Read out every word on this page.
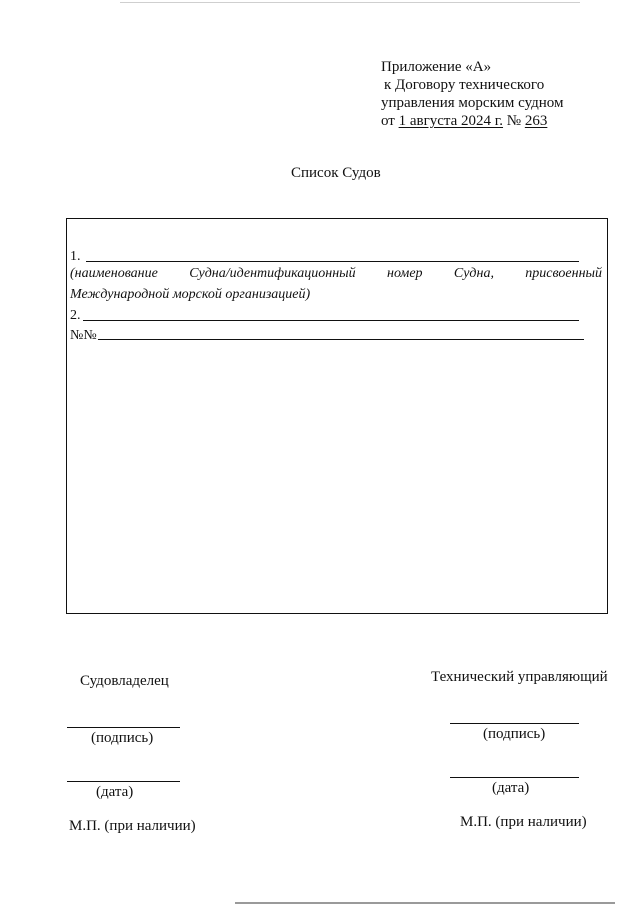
Приложение «А»
к Договору технического
управления морским судном
от 1 августа 2024 г. № 263
Список Судов
1.
(наименование Судна/идентификационный номер Судна, присвоенный
Международной морской организацией)
2.
№№
Судовладелец
(подпись)
(дата)
М.П. (при наличии)
Технический управляющий
(подпись)
(дата)
М.П. (при наличии)
